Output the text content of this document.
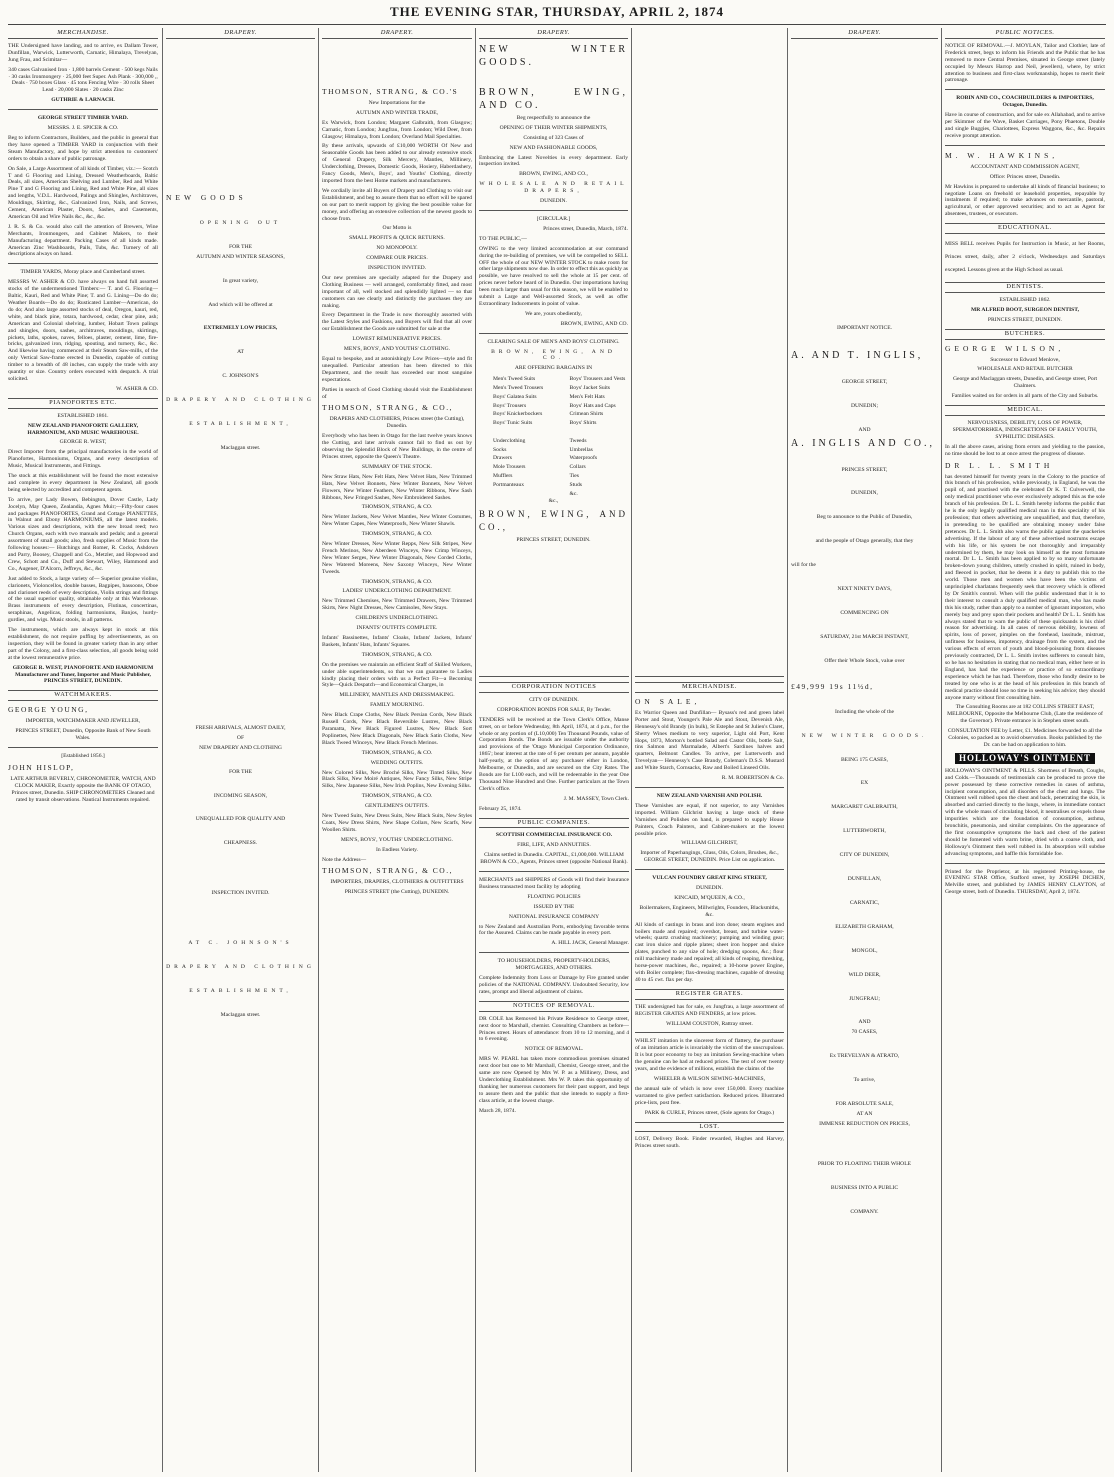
THE EVENING STAR, THURSDAY, APRIL 2, 1874
MERCHANDISE.

THE Undersigned have landing, and to arrive, ex Dallam Tower, Dunfillan, Warwick, Lutterworth, Carnatic, Himalaya, Trevelyan, Jung Frau, and Scimitar—

340 cases Galvanised Iron · 1,800 barrels Cement · 500 kegs Nails · 30 casks Ironmongery · 25,000 feet Super. Ash Plank · 300,000 ,, Deals · 750 boxes Glass · 45 tons Fencing Wire · 30 rolls Sheet Lead · 20,000 Slates · 20 casks Zinc

GUTHRIE & LARNACH.

GEORGE STREET TIMBER YARD.

MESSRS. J. E. SPICER & CO.

Beg to inform Contractors, Builders, and the public in general that they have opened a TIMBER YARD in conjunction with their Steam Manufactory, and hope by strict attention to customers' orders to obtain a share of public patronage.

On Sale, a Large Assortment of all kinds of Timber, viz.:— Scotch T and G Flooring and Lining, Dressed Weatherboards, Baltic Deals, all sizes, American Shelving and Lumber, Red and White Pine T and G Flooring and Lining, Red and White Pine, all sizes and lengths, V.D.L. Hardwood, Palings and Shingles, Architraves, Mouldings, Skirting, &c., Galvanized Iron, Nails, and Screws, Cement, American Plaster, Doors, Sashes, and Casements, American Oil and Wire Nails &c., &c., &c.

J. R. S. & Co. would also call the attention of Brewers, Wine Merchants, Ironmongers, and Cabinet Makers, to their Manufacturing department. Packing Cases of all kinds made. American Zinc Washboards, Pails, Tubs, &c. Turnery of all descriptions always on hand.

TIMBER YARDS, Moray place and Cumberland street.

MESSRS W. ASHER & CO. have always on hand full assorted stocks of the undermentioned Timbers:— T. and G. Flooring—Baltic, Kauri, Red and White Pine; T. and G. Lining—Do do do; Weather Boards—Do do do; Rusticated Lumber—American, do do do; And also large assorted stocks of deal, Oregon, kauri, red, white, and black pine, totara, hardwood, cedar, clear pine, ash; American and Colonial shelving, lumber, Hobart Town palings and shingles, doors, sashes, architraves, mouldings, skirtings, pickets, laths, spokes, naves, felloes, plaster, cement, lime, fire-bricks, galvanized iron, ridging, spouting, and turnery, &c., &c. And likewise having commenced at their Steam Saw-mills, of the only Vertical Saw-frame erected in Dunedin, capable of cutting timber to a breadth of 48 inches, can supply the trade with any quantity or size. Country orders executed with despatch. A trial solicited.

W. ASHER & CO.

PIANOFORTES ETC.

ESTABLISHED 1861.

NEW ZEALAND PIANOFORTE GALLERY, HARMONIUM, AND MUSIC WAREHOUSE.

GEORGE R. WEST,

Direct Importer from the principal manufactories in the world of Pianofortes, Harmoniums, Organs, and every description of Music, Musical Instruments, and Fittings.

The stock at this establishment will be found the most extensive and complete in every department in New Zealand, all goods being selected by accredited and competent agents.

To arrive, per Lady Bowen, Bebington, Dover Castle, Lady Jocelyn, May Queen, Zealandia, Agnes Muir;—Fifty-four cases and packages PIANOFORTES, Grand and Cottage PIANETTES, in Walnut and Ebony HARMONIUMS, all the latest models. Various sizes and descriptions, with the new broad reed; two Church Organs, each with two manuals and pedals; and a general assortment of small goods; also, fresh supplies of Music from the following houses:— Hutchings and Romer, R. Cocks, Ashdown and Parry, Boosey, Chappell and Co., Metzler, and Hopwood and Crew, Schott and Co., Duff and Stewart, Wiley, Hammond and Co., Augener, D'Alcorn, Jeffreys, &c., &c.

Just added to Stock, a large variety of— Superior genuine violins, clarionets, Violoncellos, double basses, Bagpipes, bassoons, Oboe and clarionet reeds of every description, Violin strings and fittings of the usual superior quality, obtainable only at this Warehouse. Brass instruments of every description, Flutinas, concertinas, seraphinas, Angelicas, folding harmoniums, Banjos, hurdy-gurdies, and wigs. Music stools, in all patterns.

The instruments, which are always kept in stock at this establishment, do not require puffing by advertisements, as on inspection, they will be found in greater variety than in any other part of the Colony, and a first-class selection, all goods being sold at the lowest remunerative price.

GEORGE R. WEST, PIANOFORTE AND HARMONIUM Manufacturer and Tuner, Importer and Music Publisher, PRINCES STREET, DUNEDIN.

WATCHMAKERS.

GEORGE YOUNG,

IMPORTER, WATCHMAKER AND JEWELLER,

PRINCES STREET, Dunedin, Opposite Bank of New South Wales.

[Established 1856.]

JOHN HISLOP,

LATE ARTHUR BEVERLY, CHRONOMETER, WATCH, AND CLOCK MAKER, Exactly opposite the BANK OF OTAGO, Princes street, Dunedin. SHIP CHRONOMETERS Cleaned and rated by transit observations. Nautical Instruments repaired.

DRAPERY.

NEW GOODS

OPENING OUT

FOR THE

AUTUMN AND WINTER SEASONS,

In great variety,

And which will be offered at

EXTREMELY LOW PRICES,

AT

C. JOHNSON'S

DRAPERY AND CLOTHING

ESTABLISHMENT,

Maclaggan street.

FRESH ARRIVALS, ALMOST DAILY,

OF

NEW DRAPERY AND CLOTHING

FOR THE

INCOMING SEASON,

UNEQUALLED FOR QUALITY AND

CHEAPNESS.

INSPECTION INVITED.

AT C. JOHNSON'S

DRAPERY AND CLOTHING

ESTABLISHMENT,

Maclaggan street.

DRAPERY.

THOMSON, STRANG, & CO.'S

New Importations for the

AUTUMN AND WINTER TRADE,

Ex Warwick, from London; Margaret Galbraith, from Glasgow; Carnatic, from London; Jungfrau, from London; Wild Deer, from Glasgow; Himalaya, from London; Overland Mail Specialties.

By these arrivals, upwards of £10,000 WORTH Of New and Seasonable Goods has been added to our already extensive stock of General Drapery, Silk Mercery, Mantles, Millinery, Underclothing, Dresses, Domestic Goods, Hosiery, Haberdashery, Fancy Goods, Men's, Boys', and Youths' Clothing, directly imported from the best Home markets and manufacturers.

We cordially invite all Buyers of Drapery and Clothing to visit our Establishment, and beg to assure them that no effort will be spared on our part to merit support by giving the best possible value for money, and offering an extensive collection of the newest goods to choose from.

Our Motto is

SMALL PROFITS & QUICK RETURNS.

NO MONOPOLY.

COMPARE OUR PRICES.

INSPECTION INVITED.

Our new premises are specially adapted for the Drapery and Clothing Business — well arranged, comfortably fitted, and most important of all, well stocked and splendidly lighted — so that customers can see clearly and distinctly the purchases they are making.

Every Department in the Trade is now thoroughly assorted with the Latest Styles and Fashions, and Buyers will find that all over our Establishment the Goods are submitted for sale at the

LOWEST REMUNERATIVE PRICES.

MEN'S, BOYS', AND YOUTHS' CLOTHING.

Equal to bespoke, and at astonishingly Low Prices—style and fit unequalled. Particular attention has been directed to this Department, and the result has exceeded our most sanguine expectations.

Parties in search of Good Clothing should visit the Establishment of

THOMSON, STRANG, & CO.,

DRAPERS AND CLOTHIERS, Princes street (the Cutting), Dunedin.

Everybody who has been in Otago for the last twelve years knows the Cutting, and later arrivals cannot fail to find us out by observing the Splendid Block of New Buildings, in the centre of Princes street, opposite the Queen's Theatre.

SUMMARY OF THE STOCK.

New Straw Hats, New Felt Hats, New Velvet Hats, New Trimmed Hats, New Velvet Bonnets, New Winter Bonnets, New Velvet Flowers, New Winter Feathers, New Winter Ribbons, New Sash Ribbons, New Fringed Sashes, New Embroidered Sashes.

THOMSON, STRANG, & CO.

New Winter Jackets, New Velvet Mantles, New Winter Costumes, New Winter Capes, New Waterproofs, New Winter Shawls.

THOMSON, STRANG, & CO.

New Winter Dresses, New Winter Repps, New Silk Stripes, New French Merinos, New Aberdeen Winceys, New Crimp Winceys, New Winter Serges, New Winter Diagonals, New Corded Cloths, New Watered Moreens, New Saxony Winceys, New Winter Tweeds.

THOMSON, STRANG, & CO.

LADIES' UNDERCLOTHING DEPARTMENT.

New Trimmed Chemises, New Trimmed Drawers, New Trimmed Skirts, New Night Dresses, New Camisoles, New Stays.

CHILDREN'S UNDERCLOTHING.

INFANTS' OUTFITS COMPLETE.

Infants' Bassinettes, Infants' Cloaks, Infants' Jackets, Infants' Baskets, Infants' Hats, Infants' Squares.

THOMSON, STRANG, & CO.

On the premises we maintain an efficient Staff of Skilled Workers, under able superintendents, so that we can guarantee to Ladies kindly placing their orders with us a Perfect Fit—a Becoming Style—Quick Despatch—and Economical Charges, in

MILLINERY, MANTLES AND DRESSMAKING.

FAMILY MOURNING.

New Black Crape Cloths, New Black Persian Cords, New Black Russell Cords, New Black Reversible Lustres, New Black Paramatta, New Black Figured Lustres, New Black Sort Poplinettes, New Black Diagonals, New Black Satin Cloths, New Black Tweed Winceys, New Black French Merinos.

THOMSON, STRANG, & CO.

WEDDING OUTFITS.

New Colored Silks, New Broché Silks, New Tinted Silks, New Black Silks, New Moiré Antiques, New Fancy Silks, New Stripe Silks, New Japanese Silks, New Irish Poplins, New Evening Silks.

THOMSON, STRANG, & CO.

GENTLEMEN'S OUTFITS.

New Tweed Suits, New Dress Suits, New Black Suits, New Styles Coats, New Dress Shirts, New Shape Collars, New Scarfs, New Woollen Shirts.

MEN'S, BOYS', YOUTHS' UNDERCLOTHING.

In Endless Variety.

Note the Address—

THOMSON, STRANG, & CO.,

IMPORTERS, DRAPERS, CLOTHIERS & OUTFITTERS

PRINCES STREET (the Cutting), DUNEDIN.

DRAPERY.

NEW WINTER GOODS.

BROWN, EWING, AND CO.

Beg respectfully to announce the

OPENING OF THEIR WINTER SHIPMENTS,

Consisting of 323 Cases of

NEW AND FASHIONABLE GOODS,

Embracing the Latest Novelties in every department. Early inspection invited.

BROWN, EWING, AND CO.,

WHOLESALE AND RETAIL DRAPERS,

DUNEDIN.

[CIRCULAR.]

Princes street, Dunedin, March, 1874.

TO THE PUBLIC,—

OWING to the very limited accommodation at our command during the re-building of premises, we will be compelled to SELL OFF the whole of our NEW WINTER STOCK to make room for other large shipments now due. In order to effect this as quickly as possible, we have resolved to sell the whole at 15 per cent. of prices never before heard of in Dunedin. Our importations having been much larger than usual for this season, we will be enabled to submit a Large and Well-assorted Stock, as well as offer Extraordinary Inducements in point of value.

We are, yours obediently,

BROWN, EWING, AND CO.

CLEARING SALE OF MEN'S AND BOYS' CLOTHING.

BROWN, EWING, AND CO.

ARE OFFERING BARGAINS IN

Men's Tweed Suits
Men's Tweed Trousers
Boys' Galatea Suits
Boys' Trousers
Boys' Knickerbockers
Boys' Tunic Suits

Underclothing
Socks
Drawers
Mole Trousers
Mufflers
Portmanteaux
Boys' Trousers and Vests
Boys' Jacket Suits
Men's Felt Hats
Boys' Hats and Caps
Crimean Shirts
Boys' Shirts

Tweeds
Umbrellas
Waterproofs
Collars
Ties
Studs
&c.

&c.,

BROWN, EWING, AND CO.,

PRINCES STREET, DUNEDIN.

CORPORATION NOTICES

CITY OF DUNEDIN.

CORPORATION BONDS FOR SALE, By Tender.

TENDERS will be received at the Town Clerk's Office, Manse street, on or before Wednesday, 8th April, 1874, at 4 p.m., for the whole or any portion of (L10,000) Ten Thousand Pounds, value of Corporation Bonds. The Bonds are issuable under the authority and provisions of the 'Otago Municipal Corporation Ordinance, 1865'; bear interest at the rate of 6 per centum per annum, payable half-yearly, at the option of any purchaser either in London, Melbourne, or Dunedin, and are secured on the City Rates. The Bonds are for L100 each, and will be redeemable in the year One Thousand Nine Hundred and One. Further particulars at the Town Clerk's office.

J. M. MASSEY, Town Clerk.

February 25, 1874.

PUBLIC COMPANIES.

SCOTTISH COMMERCIAL INSURANCE CO.

FIRE, LIFE, AND ANNUITIES.

Claims settled in Dunedin. CAPITAL, £1,000,000. WILLIAM BROWN & CO., Agents, Princes street (opposite National Bank).

MERCHANTS and SHIPPERS of Goods will find their Insurance Business transacted most facility by adopting

FLOATING POLICIES

ISSUED BY THE

NATIONAL INSURANCE COMPANY

to New Zealand and Australian Ports, embodying favorable terms for the Assured. Claims can be made payable in every port.

A. HILL JACK, General Manager.

TO HOUSEHOLDERS, PROPERTY-HOLDERS, MORTGAGEES, AND OTHERS.

Complete Indemnity from Loss or Damage by Fire granted under policies of the NATIONAL COMPANY. Undoubted Security, low rates, prompt and liberal adjustment of claims.

NOTICES OF REMOVAL.

DR COLE has Removed his Private Residence to George street, next door to Marshall, chemist. Consulting Chambers as before—Princes street. Hours of attendance: from 10 to 12 morning, and 4 to 6 evening.

NOTICE OF REMOVAL.

MRS W. PEARL has taken more commodious premises situated next door but one to Mr Marshall, Chemist, George street, and the same are now Opened by Mrs W. P. as a Millinery, Dress, and Underclothing Establishment. Mrs W. P. takes this opportunity of thanking her numerous customers for their past support, and begs to assure them and the public that she intends to supply a first-class article, at the lowest charge.

March 28, 1874.

MERCHANDISE.

ON SALE,

Ex Warrior Queen and Dunfillan— Bysass's red and green label Porter and Stout, Younger's Pale Ale and Stout, Devenish Ale, Hennessy's old Brandy (in bulk), St Estephe and St Julien's Claret, Sherry Wines medium to very superior, Light old Port, Kent Hops, 1873, Morton's bottled Salad and Castor Oils, bottle Salt, tins Salmon and Marmalade, Albert's Sardines halves and quarters, Belmont Candles. To arrive, per Lutterworth and Trevelyan— Hennessy's Case Brandy, Coleman's D.S.S. Mustard and White Starch, Cornsacks, Raw and Boiled Linseed Oils.

R. M. ROBERTSON & Co.

NEW ZEALAND VARNISH AND POLISH.

These Varnishes are equal, if not superior, to any Varnishes imported. William Gilchrist having a large stock of these Varnishes and Polishes on hand, is prepared to supply House Painters, Coach Painters, and Cabinet-makers at the lowest possible price.

WILLIAM GILCHRIST,

Importer of Paperhangings, Glass, Oils, Colors, Brushes, &c., GEORGE STREET, DUNEDIN. Price List on application.

VULCAN FOUNDRY GREAT KING STREET,

DUNEDIN.

KINCAID, M'QUEEN, & CO.,

Boilermakers, Engineers, Millwrights, Founders, Blacksmiths, &c.

All kinds of castings in brass and iron done; steam engines and boilers made and repaired; overshot, breast, and turbine water-wheels; quartz crushing machinery; pumping and winding gear; cast iron sluice and ripple plates; sheet iron hopper and sluice plates, punched to any size of hole; dredging spoons, &c.; flour mill machinery made and repaired; all kinds of reaping, threshing, horse-power machines, &c., repaired; a 10-horse power Engine, with Boiler complete; flax-dressing machines, capable of dressing 40 to 45 cwt. flax per day.

REGISTER GRATES.

THE undersigned has for sale, ex Jungfrau, a large assortment of REGISTER GRATES AND FENDERS, at low prices.

WILLIAM COUSTON, Rattray street.

WHILST imitation is the sincerest form of flattery, the purchaser of an imitation article is invariably the victim of the unscrupulous. It is but poor economy to buy an imitation Sewing-machine when the genuine can be had at reduced prices. The test of over twenty years, and the evidence of millions, establish the claims of the

WHEELER & WILSON SEWING-MACHINES,

the annual sale of which is now over 150,000. Every machine warranted to give perfect satisfaction. Reduced prices. Illustrated price-lists, post free.

PARK & CURLE, Princes street, (Sole agents for Otago.)

LOST.

LOST, Delivery Book. Finder rewarded, Hughes and Harvey, Princes street south.

DRAPERY.

IMPORTANT NOTICE.

A. AND T. INGLIS,

GEORGE STREET,

DUNEDIN;

AND

A. INGLIS AND CO.,

PRINCES STREET,

DUNEDIN,

Beg to announce to the Public of Dunedin,

and the people of Otago generally, that they

will for the

NEXT NINETY DAYS,

COMMENCING ON

SATURDAY, 21st MARCH INSTANT,

Offer their Whole Stock, value over

£49,999 19s 11½d,

Including the whole of the

NEW WINTER GOODS.

BEING 175 CASES,

EX

MARGARET GALBRAITH,

LUTTERWORTH,

CITY OF DUNEDIN,

DUNFILLAN,

CARNATIC,

ELIZABETH GRAHAM,

MONGOL,

WILD DEER,

JUNGFRAU;

AND

70 CASES,

Ex TREVELYAN & ATRATO,

To arrive,

FOR ABSOLUTE SALE,

AT AN

IMMENSE REDUCTION ON PRICES,

PRIOR TO FLOATING THEIR WHOLE

BUSINESS INTO A PUBLIC

COMPANY.

PUBLIC NOTICES.

NOTICE OF REMOVAL.—J. MOYLAN, Tailor and Clothier, late of Frederick street, begs to inform his Friends and the Public that he has removed to more Central Premises, situated in George street (lately occupied by Messrs Harrop and Neil, jewellers), where, by strict attention to business and first-class workmanship, hopes to merit their patronage.

ROBIN AND CO., COACHBUILDERS & IMPORTERS, Octagon, Dunedin.

Have in course of construction, and for sale ex Allahabad, and to arrive per Skimmer of the Wave, Basket Carriages, Pony Phaetons, Double and single Buggies, Chariottees, Express Waggons, &c., &c. Repairs receive prompt attention.

M. W. HAWKINS,

ACCOUNTANT AND COMMISSION AGENT,

Office: Princes street, Dunedin.

Mr Hawkins is prepared to undertake all kinds of financial business; to negotiate Loans on freehold or leasehold properties, repayable by instalments if required; to make advances on mercantile, pastoral, agricultural, or other approved securities; and to act as Agent for absentees, trustees, or executors.

EDUCATIONAL.

MISS BELL receives Pupils for Instruction in Music, at her Rooms, Princes street, daily, after 2 o'clock, Wednesdays and Saturdays excepted. Lessons given at the High School as usual.

DENTISTS.

ESTABLISHED 1862.

MR ALFRED BOOT, SURGEON DENTIST,

PRINCES STREET, DUNEDIN.

BUTCHERS.

GEORGE WILSON,

Successor to Edward Menlove,

WHOLESALE AND RETAIL BUTCHER

George and Maclaggan streets, Dunedin, and George street, Port Chalmers.

Families waited on for orders in all parts of the City and Suburbs.

MEDICAL.

NERVOUSNESS, DEBILITY, LOSS OF POWER, SPERMATORRHŒA, INDISCRETIONS OF EARLY YOUTH, SYPHILITIC DISEASES.

In all the above cases, arising from errors and yielding to the passion, no time should be lost to at once arrest the progress of disease.

DR L. L. SMITH

has devoted himself for twenty years in the Colony to the practice of this branch of his profession, while previously, in England, he was the pupil of, and practised with the celebrated Dr K. T. Culverwell, the only medical practitioner who ever exclusively adopted this as the sole branch of his profession. Dr L. L. Smith hereby informs the public that he is the only legally qualified medical man in this speciality of his profession; that others advertising are unqualified, and that, therefore, in pretending to be qualified are obtaining money under false pretences. Dr L. L. Smith also warns the public against the quackeries advertising. If the labour of any of these advertised nostrums escape with his life, or his system be not thoroughly and irreparably undermined by them, he may look on himself as the most fortunate mortal. Dr L. L. Smith has been applied to by so many unfortunate broken-down young children, utterly crushed in spirit, ruined in body, and fleeced in pocket, that he deems it a duty to publish this to the world. Those men and women who have been the victims of unprincipled charlatans frequently seek that recovery which is offered by Dr Smith's control. When will the public understand that it is to their interest to consult a duly qualified medical man, who has made this his study, rather than apply to a number of ignorant impostors, who merely buy and prey upon their pockets and health? Dr L. L. Smith has always stated that to warn the public of these quicksands is his chief reason for advertising. In all cases of nervous debility, lowness of spirits, loss of power, pimples on the forehead, lassitude, mistrust, unfitness for business, impotency, drainage from the system, and the various effects of errors of youth and blood-poisoning from diseases previously contracted, Dr L. L. Smith invites sufferers to consult him, so he has no hesitation in stating that no medical man, either here or in England, has had the experience or practice of so extraordinary experience which he has had. Therefore, those who fondly desire to be treated by one who is at the head of his profession in this branch of medical practice should lose no time in seeking his advice; they should anyone marry without first consulting him.

The Consulting Rooms are at 182 COLLINS STREET EAST, MELBOURNE, Opposite the Melbourne Club, (Late the residence of the Governor). Private entrance is in Stephen street south.

CONSULTATION FEE by Letter, £1. Medicines forwarded to all the Colonies, so packed as to avoid observation. Books published by the Dr. can be had on application to him.

HOLLOWAY'S OINTMENT

HOLLOWAY'S OINTMENT & PILLS. Shortness of Breath, Coughs, and Colds.—Thousands of testimonials can be produced to prove the power possessed by these corrective remedies in cases of asthma, incipient consumption, and all disorders of the chest and lungs. The Ointment well rubbed upon the chest and back, penetrating the skin, is absorbed and carried directly to the lungs, where, in immediate contact with the whole mass of circulating blood, it neutralises or expels those impurities which are the foundation of consumption, asthma, bronchitis, pneumonia, and similar complaints. On the appearance of the first consumptive symptoms the back and chest of the patient should be fomented with warm brine, dried with a coarse cloth, and Holloway's Ointment then well rubbed in. Its absorption will subdue advancing symptoms, and baffle this formidable foe.

Printed for the Proprietor, at his registered Printing-house, the EVENING STAR Office, Stafford street, by JOSEPH DICHEN, Melville street, and published by JAMES HENRY CLAYTON, of George street, both of Dunedin. THURSDAY, April 2, 1874.
